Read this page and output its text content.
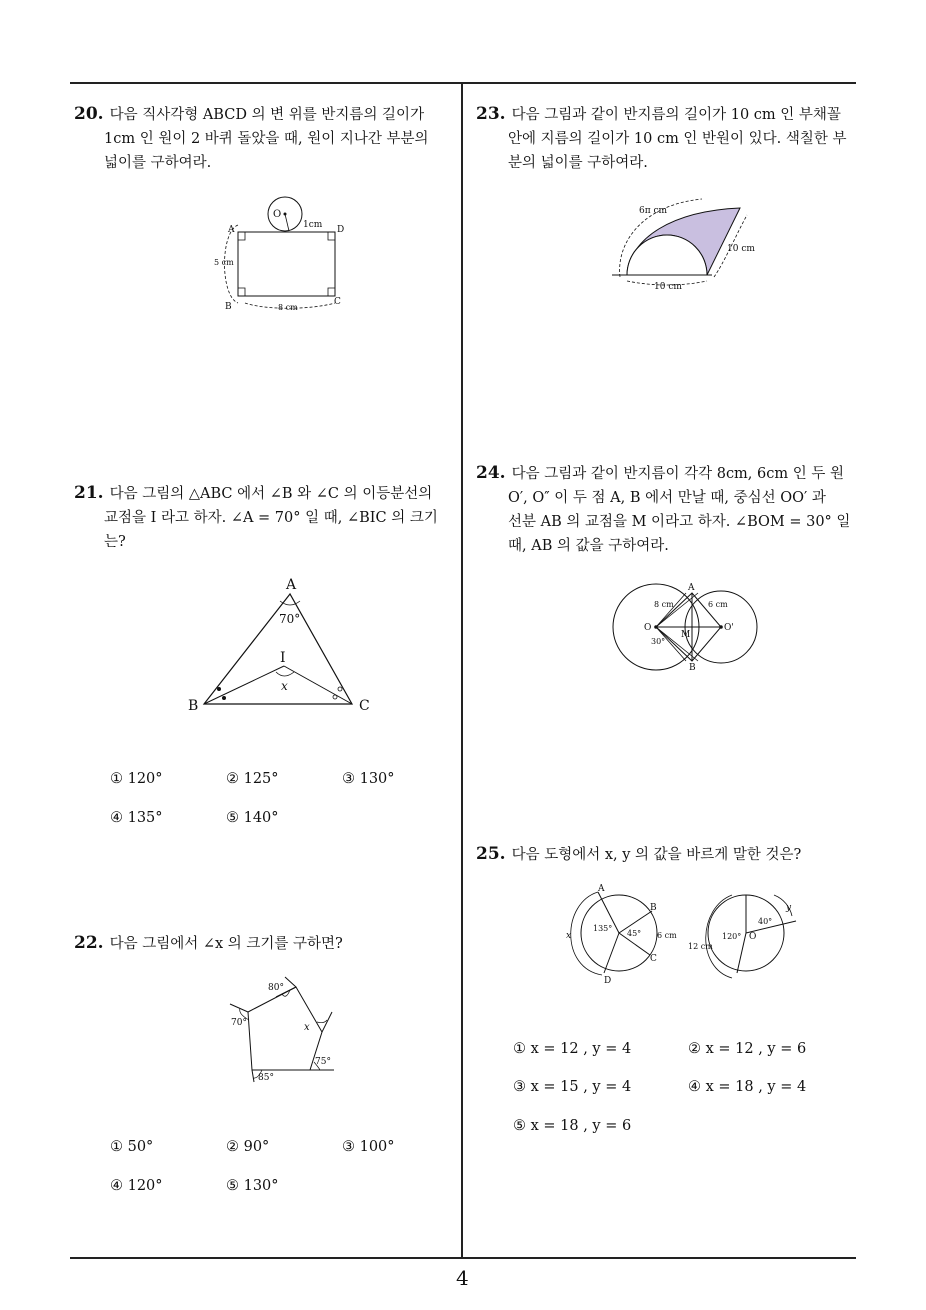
20. 다음 직사각형 ABCD 의 변 위를 반지름의 길이가
1cm 인 원이 2 바퀴 돌았을 때, 원이 지나간 부분의
넓이를 구하여라.
O
1cm
A	D
B	C
5 cm
8 cm
21. 다음 그림의 △ABC 에서 ∠B 와 ∠C 의 이등분선의
교점을 I 라고 하자. ∠A = 70° 일 때, ∠BIC 의 크기
는?
A
B	C
I
70°
x
① 120°	② 125°	③ 130°
④ 135°	⑤ 140°
22. 다음 그림에서 ∠x 의 크기를 구하면?
80°
70°	x
75°
85°
① 50°	② 90°	③ 100°
④ 120°	⑤ 130°
23. 다음 그림과 같이 반지름의 길이가 10 cm 인 부채꼴
안에 지름의 길이가 10 cm 인 반원이 있다. 색칠한 부
분의 넓이를 구하여라.
6π cm
10 cm
10 cm
24. 다음 그림과 같이 반지름이 각각 8cm, 6cm 인 두 원
O′, O″ 이 두 점 A, B 에서 만날 때, 중심선 OO′ 과
선분 AB 의 교점을 M 이라고 하자. ∠BOM = 30° 일
때, AB 의 값을 구하여라.
A
B
O	O'
M
8 cm	6 cm
30°
25. 다음 도형에서 x, y 의 값을 바르게 말한 것은?
A
B
C
D
135°
45° 6 cm
x	120° O
40°
12 cm
y
① x = 12 , y = 4	② x = 12 , y = 6
③ x = 15 , y = 4	④ x = 18 , y = 4
⑤ x = 18 , y = 6
4
